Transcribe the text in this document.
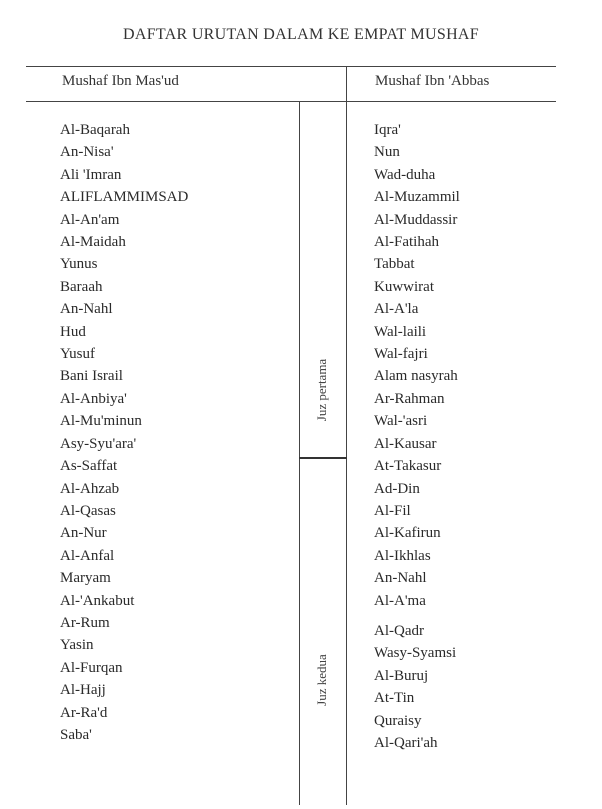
DAFTAR URUTAN DALAM KE EMPAT MUSHAF
Mushaf Ibn Mas'ud	Mushaf Ibn 'Abbas
Juz pertama
Juz kedua
Al-Baqarah
An-Nisa'
Ali 'Imran
ALIFLAMMIMSAD
Al-An'am
Al-Maidah
Yunus
Baraah
An-Nahl
Hud
Yusuf
Bani Israil
Al-Anbiya'
Al-Mu'minun
Asy-Syu'ara'
As-Saffat
Al-Ahzab
Al-Qasas
An-Nur
Al-Anfal
Maryam
Al-'Ankabut
Ar-Rum
Yasin
Al-Furqan
Al-Hajj
Ar-Ra'd
Saba'
Iqra'
Nun
Wad-duha
Al-Muzammil
Al-Muddassir
Al-Fatihah
Tabbat
Kuwwirat
Al-A'la
Wal-laili
Wal-fajri
Alam nasyrah
Ar-Rahman
Wal-'asri
Al-Kausar
At-Takasur
Ad-Din
Al-Fil
Al-Kafirun
Al-Ikhlas
An-Nahl
Al-A'ma
Al-Qadr
Wasy-Syamsi
Al-Buruj
At-Tin
Quraisy
Al-Qari'ah
